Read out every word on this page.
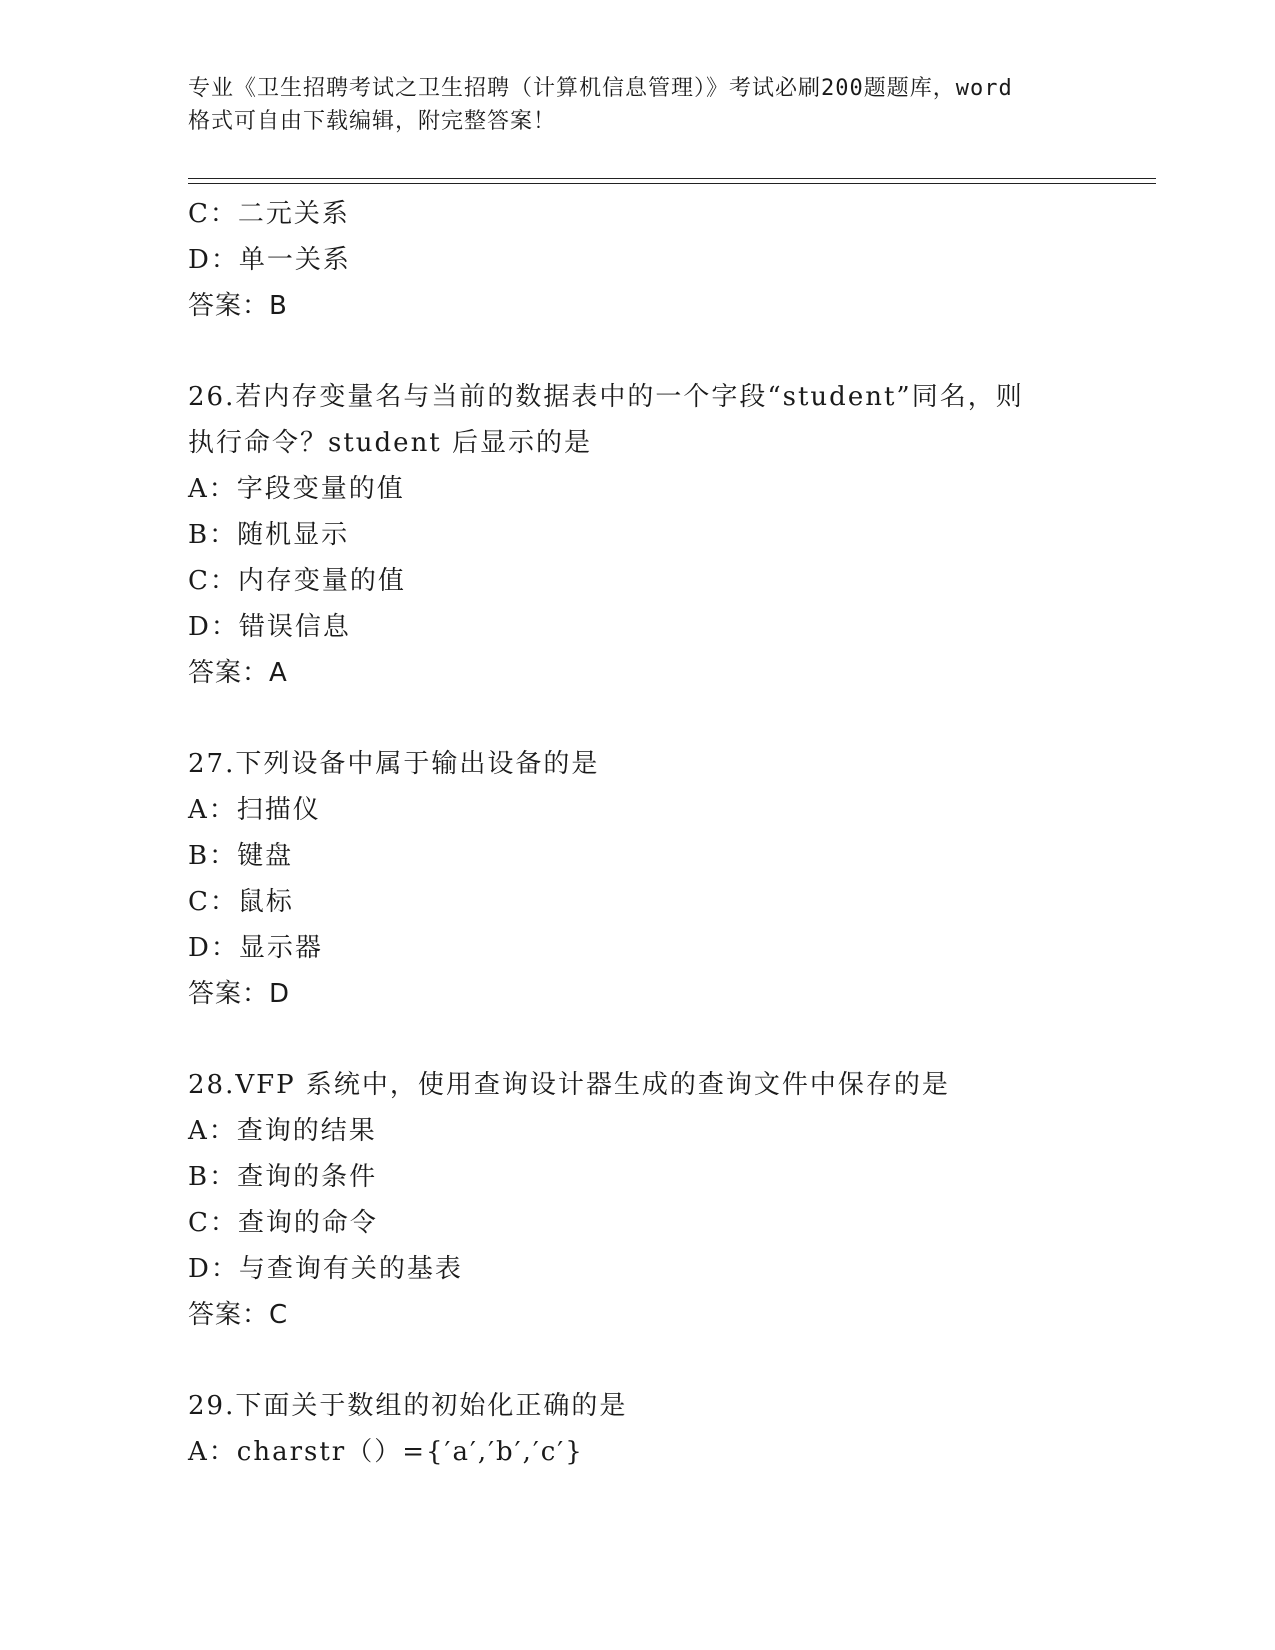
专业《卫生招聘考试之卫生招聘（计算机信息管理）》考试必刷200题题库，word
格式可自由下载编辑，附完整答案！
C：二元关系
D：单一关系
答案：B
26.若内存变量名与当前的数据表中的一个字段“student”同名，则
执行命令？student 后显示的是
A：字段变量的值
B：随机显示
C：内存变量的值
D：错误信息
答案：A
27.下列设备中属于输出设备的是
A：扫描仪
B：键盘
C：鼠标
D：显示器
答案：D
28.VFP 系统中，使用查询设计器生成的查询文件中保存的是
A：查询的结果
B：查询的条件
C：查询的命令
D：与查询有关的基表
答案：C
29.下面关于数组的初始化正确的是
A：charstr（）={′a′,′b′,′c′}
